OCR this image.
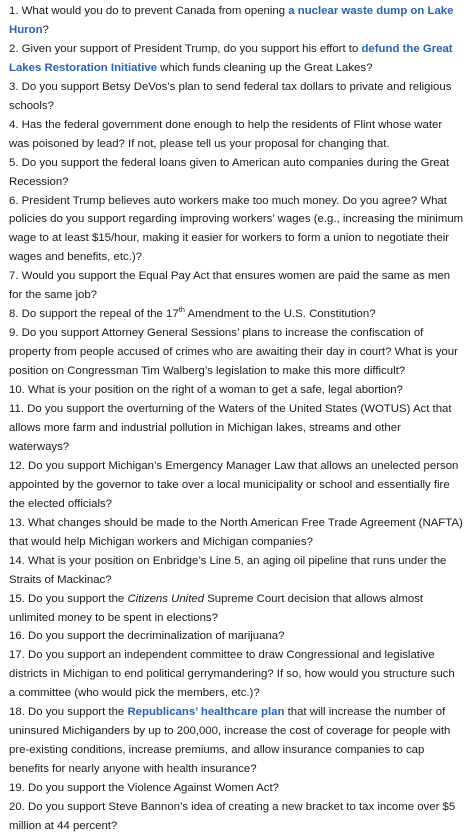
1. What would you do to prevent Canada from opening a nuclear waste dump on Lake Huron?

2. Given your support of President Trump, do you support his effort to defund the Great Lakes Restoration Initiative which funds cleaning up the Great Lakes?

3. Do you support Betsy DeVos’s plan to send federal tax dollars to private and religious schools?

4. Has the federal government done enough to help the residents of Flint whose water was poisoned by lead? If not, please tell us your proposal for changing that.

5. Do you support the federal loans given to American auto companies during the Great Recession?

6. President Trump believes auto workers make too much money. Do you agree? What policies do you support regarding improving workers’ wages (e.g., increasing the minimum wage to at least $15/hour, making it easier for workers to form a union to negotiate their wages and benefits, etc.)?

7. Would you support the Equal Pay Act that ensures women are paid the same as men for the same job?

8. Do support the repeal of the 17th Amendment to the U.S. Constitution?

9. Do you support Attorney General Sessions’ plans to increase the confiscation of property from people accused of crimes who are awaiting their day in court? What is your position on Congressman Tim Walberg’s legislation to make this more difficult?

10. What is your position on the right of a woman to get a safe, legal abortion?

11. Do you support the overturning of the Waters of the United States (WOTUS) Act that allows more farm and industrial pollution in Michigan lakes, streams and other waterways?

12. Do you support Michigan’s Emergency Manager Law that allows an unelected person appointed by the governor to take over a local municipality or school and essentially fire the elected officials?

13. What changes should be made to the North American Free Trade Agreement (NAFTA) that would help Michigan workers and Michigan companies?

14. What is your position on Enbridge’s Line 5, an aging oil pipeline that runs under the Straits of Mackinac?

15. Do you support the Citizens United Supreme Court decision that allows almost unlimited money to be spent in elections?

16. Do you support the decriminalization of marijuana?

17. Do you support an independent committee to draw Congressional and legislative districts in Michigan to end political gerrymandering? If so, how would you structure such a committee (who would pick the members, etc.)?

18. Do you support the Republicans’ healthcare plan that will increase the number of uninsured Michiganders by up to 200,000, increase the cost of coverage for people with pre-existing conditions, increase premiums, and allow insurance companies to cap benefits for nearly anyone with health insurance?

19. Do you support the Violence Against Women Act?

20. Do you support Steve Bannon’s idea of creating a new bracket to tax income over $5 million at 44 percent?
